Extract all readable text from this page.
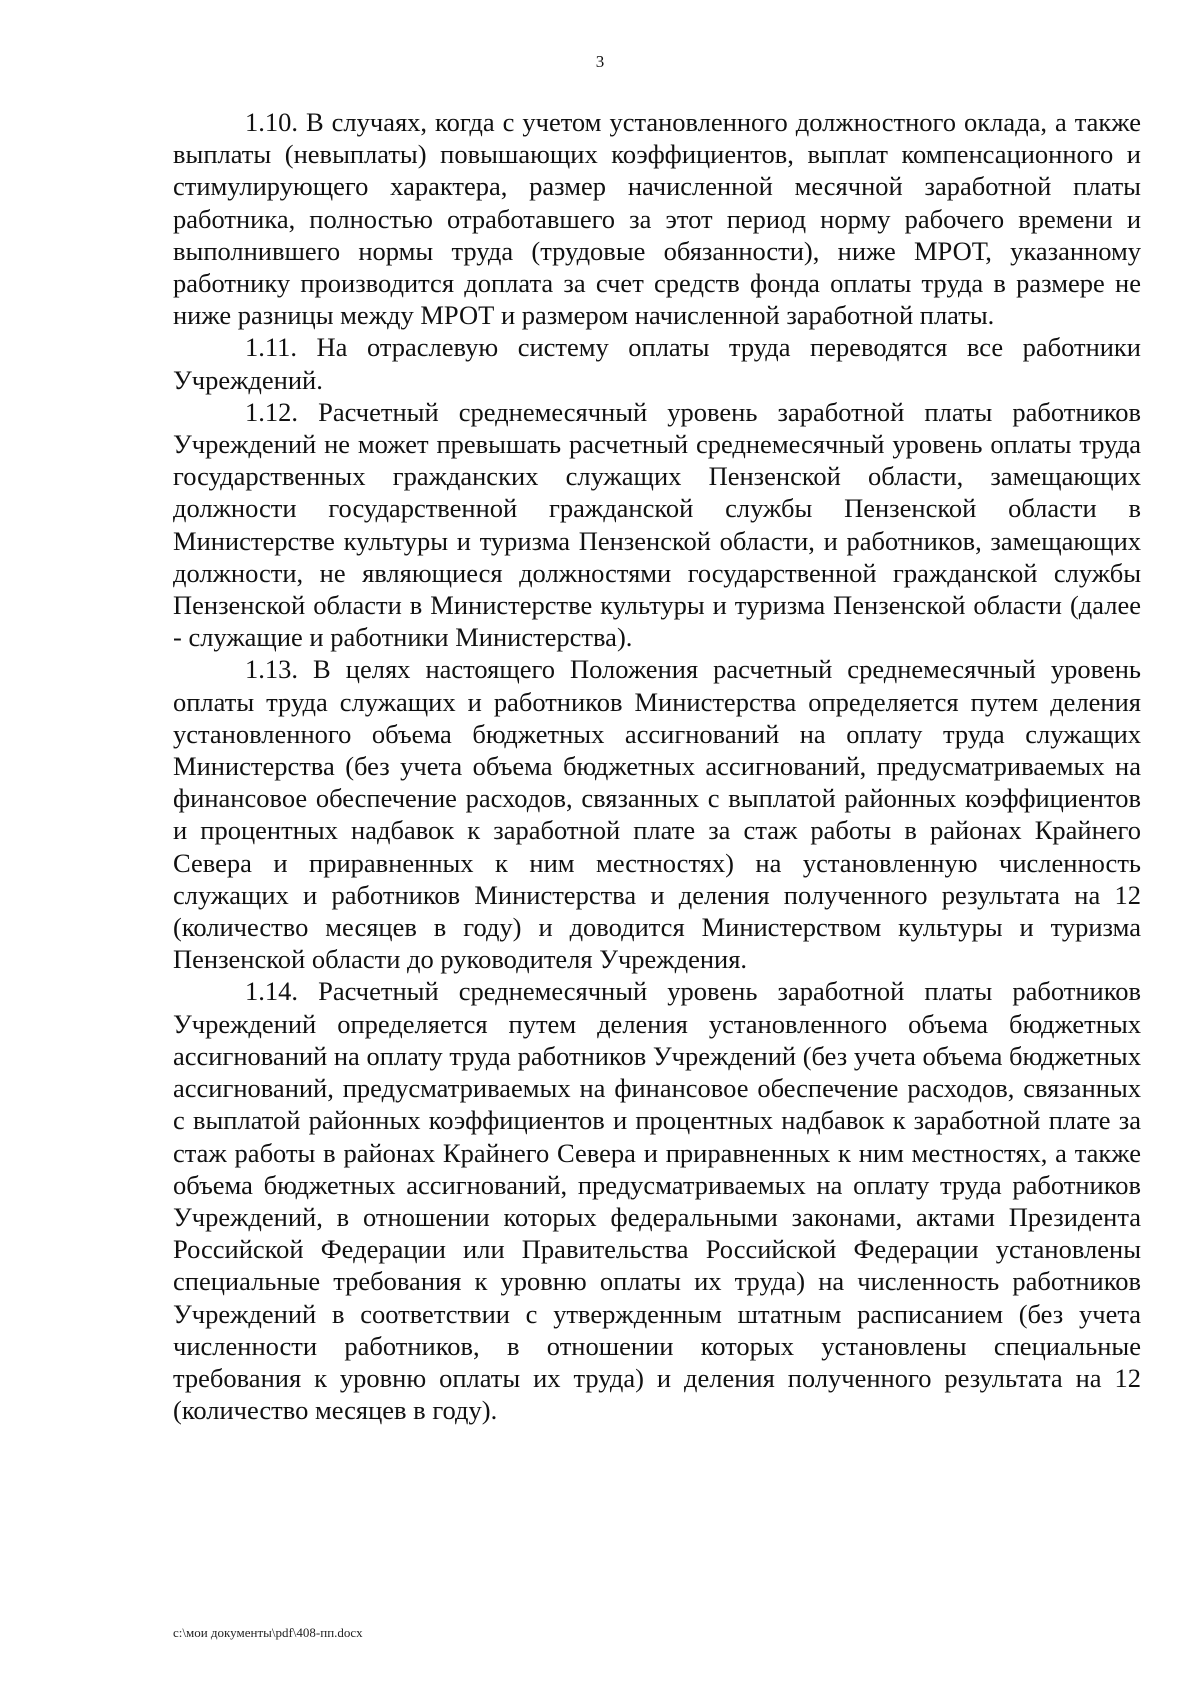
3

1.10. В случаях, когда с учетом установленного должностного оклада, а также выплаты (невыплаты) повышающих коэффициентов, выплат компенсационного и стимулирующего характера, размер начисленной месячной заработной платы работника, полностью отработавшего за этот период норму рабочего времени и выполнившего нормы труда (трудовые обязанности), ниже МРОТ, указанному работнику производится доплата за счет средств фонда оплаты труда в размере не ниже разницы между МРОТ и размером начисленной заработной платы.

1.11. На отраслевую систему оплаты труда переводятся все работники Учреждений.

1.12. Расчетный среднемесячный уровень заработной платы работников Учреждений не может превышать расчетный среднемесячный уровень оплаты труда государственных гражданских служащих Пензенской области, замещающих должности государственной гражданской службы Пензенской области в Министерстве культуры и туризма Пензенской области, и работников, замещающих должности, не являющиеся должностями государственной гражданской службы Пензенской области в Министерстве культуры и туризма Пензенской области (далее - служащие и работники Министерства).

1.13. В целях настоящего Положения расчетный среднемесячный уровень оплаты труда служащих и работников Министерства определяется путем деления установленного объема бюджетных ассигнований на оплату труда служащих Министерства (без учета объема бюджетных ассигнований, предусматриваемых на финансовое обеспечение расходов, связанных с выплатой районных коэффициентов и процентных надбавок к заработной плате за стаж работы в районах Крайнего Севера и приравненных к ним местностях) на установленную численность служащих и работников Министерства и деления полученного результата на 12 (количество месяцев в году) и доводится Министерством культуры и туризма Пензенской области до руководителя Учреждения.

1.14. Расчетный среднемесячный уровень заработной платы работников Учреждений определяется путем деления установленного объема бюджетных ассигнований на оплату труда работников Учреждений (без учета объема бюджетных ассигнований, предусматриваемых на финансовое обеспечение расходов, связанных с выплатой районных коэффициентов и процентных надбавок к заработной плате за стаж работы в районах Крайнего Севера и приравненных к ним местностях, а также объема бюджетных ассигнований, предусматриваемых на оплату труда работников Учреждений, в отношении которых федеральными законами, актами Президента Российской Федерации или Правительства Российской Федерации установлены специальные требования к уровню оплаты их труда) на численность работников Учреждений в соответствии с утвержденным штатным расписанием (без учета численности работников, в отношении которых установлены специальные требования к уровню оплаты их труда) и деления полученного результата на 12 (количество месяцев в году).

c:\мои документы\pdf\408-пп.docx
